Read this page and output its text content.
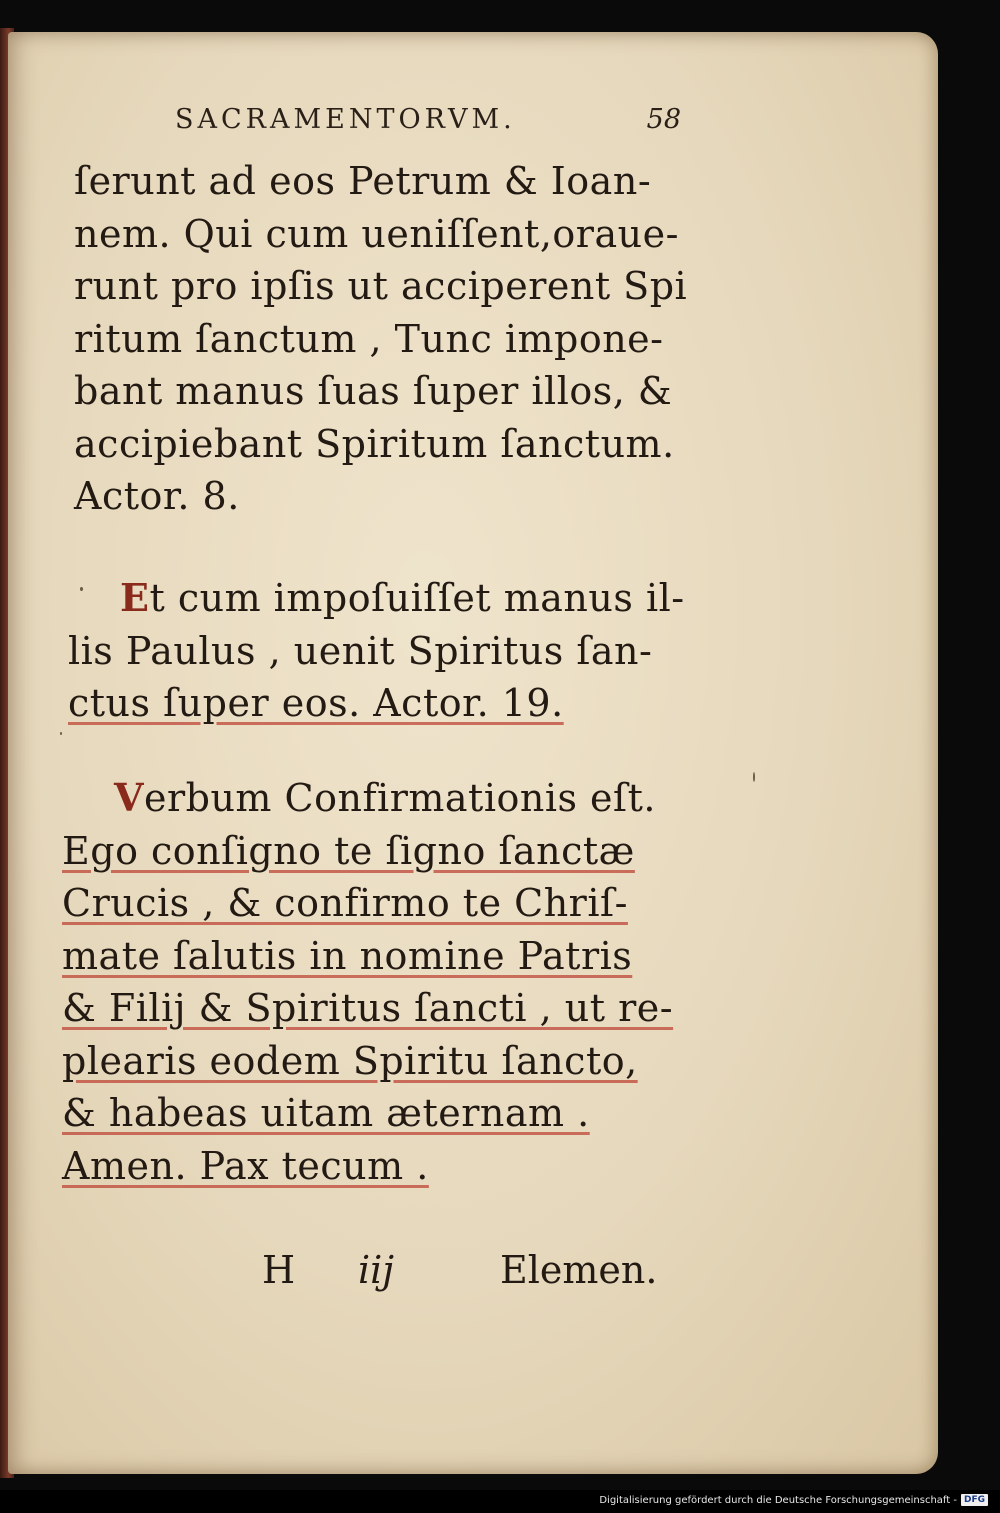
SACRAMENTORVM.	58
ſerunt ad eos Petrum & Ioan-
nem. Qui cum ueniſſent,oraue-
runt pro ipſis ut acciperent Spi
ritum ſanctum , Tunc impone-
bant manus ſuas ſuper illos, &
accipiebant Spiritum ſanctum.
Actor. 8.
Et cum impoſuiſſet manus il-
lis Paulus , uenit Spiritus ſan-
ctus ſuper eos. Actor. 19.
Verbum Confirmationis eſt.
Ego conſigno te ſigno ſanctæ
Crucis , & confirmo te Chriſ-
mate ſalutis in nomine Patris
& Filij & Spiritus ſancti , ut re-
plearis eodem Spiritu ſancto,
& habeas uitam æternam .
Amen. Pax tecum .
H iij	Elemen.
Digitalisierung gefördert durch die Deutsche Forschungsgemeinschaft - DFG
